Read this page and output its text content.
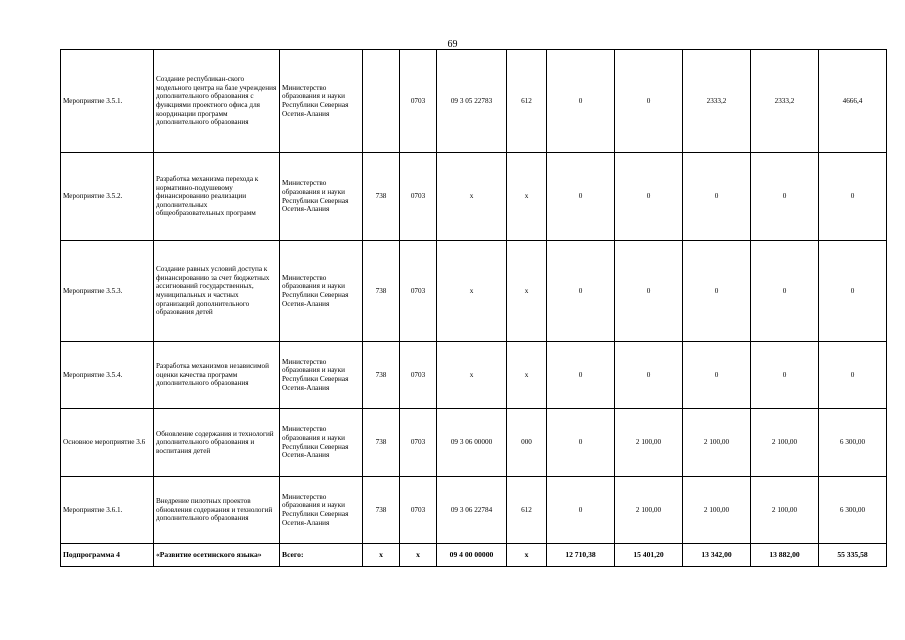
69
Мероприятие 3.5.1.	Создание республикан-ского модельного центра на базе учреждения дополнительного образования с функциями проектного офиса для координации программ дополнительного образования	Министерство образования и науки Республики Северная Осетия-Алания		0703	09 3 05 22783	612	0	0	2333,2	2333,2	4666,4
Мероприятие 3.5.2.	Разработка механизма перехода к нормативно-подушевому финансированию реализации дополнительных общеобразовательных программ	Министерство образования и науки Республики Северная Осетия-Алания	738	0703	х	х	0	0	0	0	0
Мероприятие 3.5.3.	Создание равных условий доступа к финансированию за счет бюджетных ассигнований государственных, муниципальных и частных организаций дополнительного образования детей	Министерство образования и науки Республики Северная Осетия-Алания	738	0703	х	х	0	0	0	0	0
Мероприятие 3.5.4.	Разработка механизмов независимой оценки качества программ дополнительного образования	Министерство образования и науки Республики Северная Осетия-Алания	738	0703	х	х	0	0	0	0	0
Основное мероприятие 3.6	Обновление содержания и технологий дополнительного образования и воспитания детей	Министерство образования и науки Республики Северная Осетия-Алания	738	0703	09 3 06 00000	000	0	2 100,00	2 100,00	2 100,00	6 300,00
Мероприятие 3.6.1.	Внедрение пилотных проектов обновления содержания и технологий дополнительного образования	Министерство образования и науки Республики Северная Осетия-Алания	738	0703	09 3 06 22784	612	0	2 100,00	2 100,00	2 100,00	6 300,00
Подпрограмма 4	«Развитие осетинского языка»	Всего:	х	х	09 4 00 00000	х	12 710,38	15 401,20	13 342,00	13 882,00	55 335,58
